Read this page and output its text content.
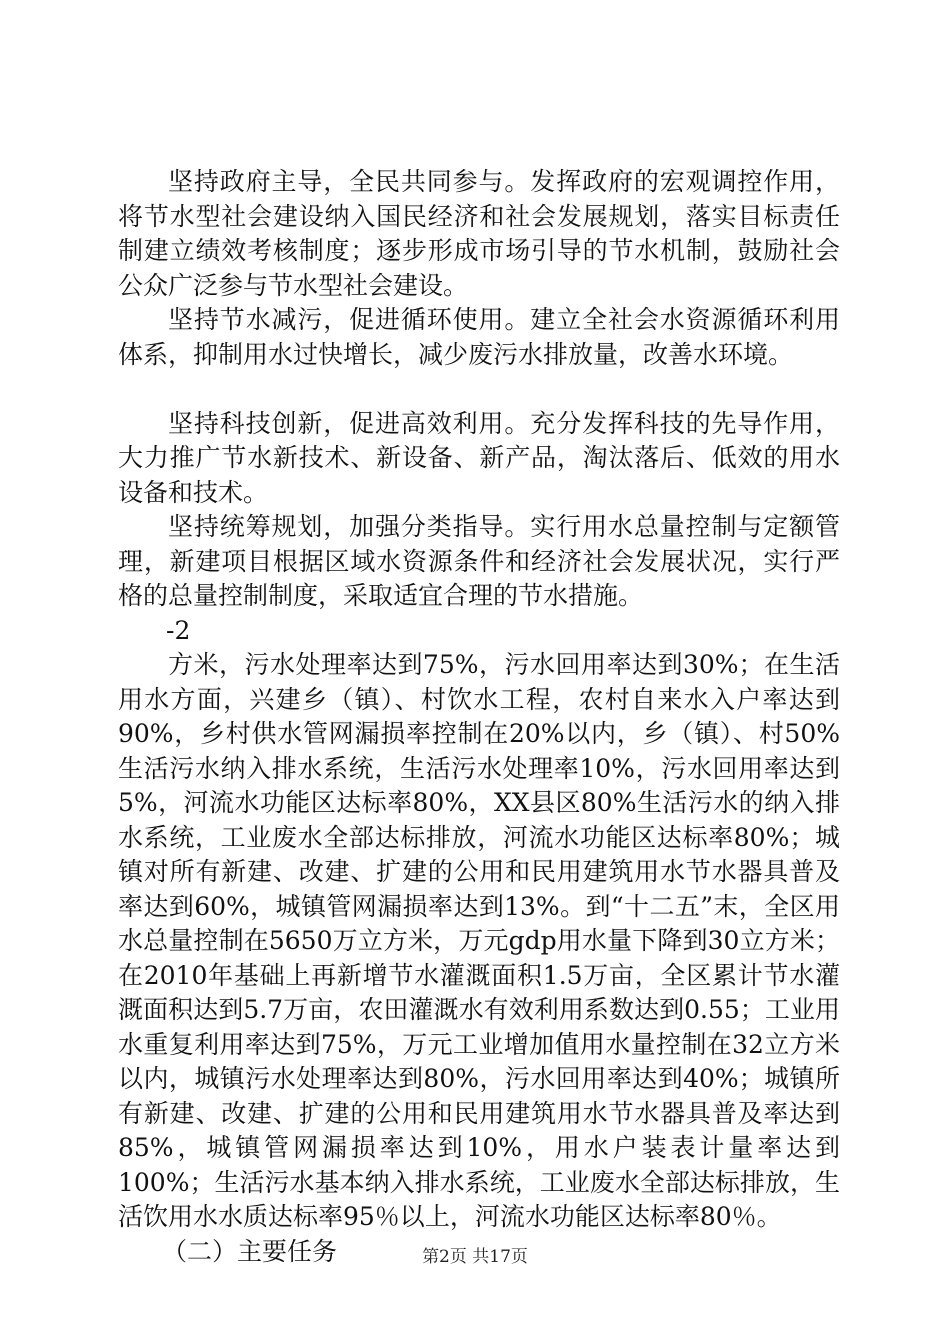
坚持政府主导，全民共同参与。发挥政府的宏观调控作用，将节水型社会建设纳入国民经济和社会发展规划，落实目标责任制建立绩效考核制度；逐步形成市场引导的节水机制，鼓励社会公众广泛参与节水型社会建设。

坚持节水减污，促进循环使用。建立全社会水资源循环利用体系，抑制用水过快增长，减少废污水排放量，改善水环境。

坚持科技创新，促进高效利用。充分发挥科技的先导作用，大力推广节水新技术、新设备、新产品，淘汰落后、低效的用水设备和技术。

坚持统筹规划，加强分类指导。实行用水总量控制与定额管理，新建项目根据区域水资源条件和经济社会发展状况，实行严格的总量控制制度，采取适宜合理的节水措施。

-2

方米，污水处理率达到75%，污水回用率达到30%；在生活用水方面，兴建乡（镇）、村饮水工程，农村自来水入户率达到90%，乡村供水管网漏损率控制在20%以内，乡（镇）、村50%生活污水纳入排水系统，生活污水处理率10%，污水回用率达到5%，河流水功能区达标率80%，XX县区80%生活污水的纳入排水系统，工业废水全部达标排放，河流水功能区达标率80%；城镇对所有新建、改建、扩建的公用和民用建筑用水节水器具普及率达到60%，城镇管网漏损率达到13%。到“十二五”末，全区用水总量控制在5650万立方米，万元gdp用水量下降到30立方米；在2010年基础上再新增节水灌溉面积1.5万亩，全区累计节水灌溉面积达到5.7万亩，农田灌溉水有效利用系数达到0.55；工业用水重复利用率达到75%，万元工业增加值用水量控制在32立方米以内，城镇污水处理率达到80%，污水回用率达到40%；城镇所有新建、改建、扩建的公用和民用建筑用水节水器具普及率达到85%，城镇管网漏损率达到10%，用水户装表计量率达到100%；生活污水基本纳入排水系统，工业废水全部达标排放，生活饮用水水质达标率95％以上，河流水功能区达标率80％。

（二）主要任务	第2页 共17页
